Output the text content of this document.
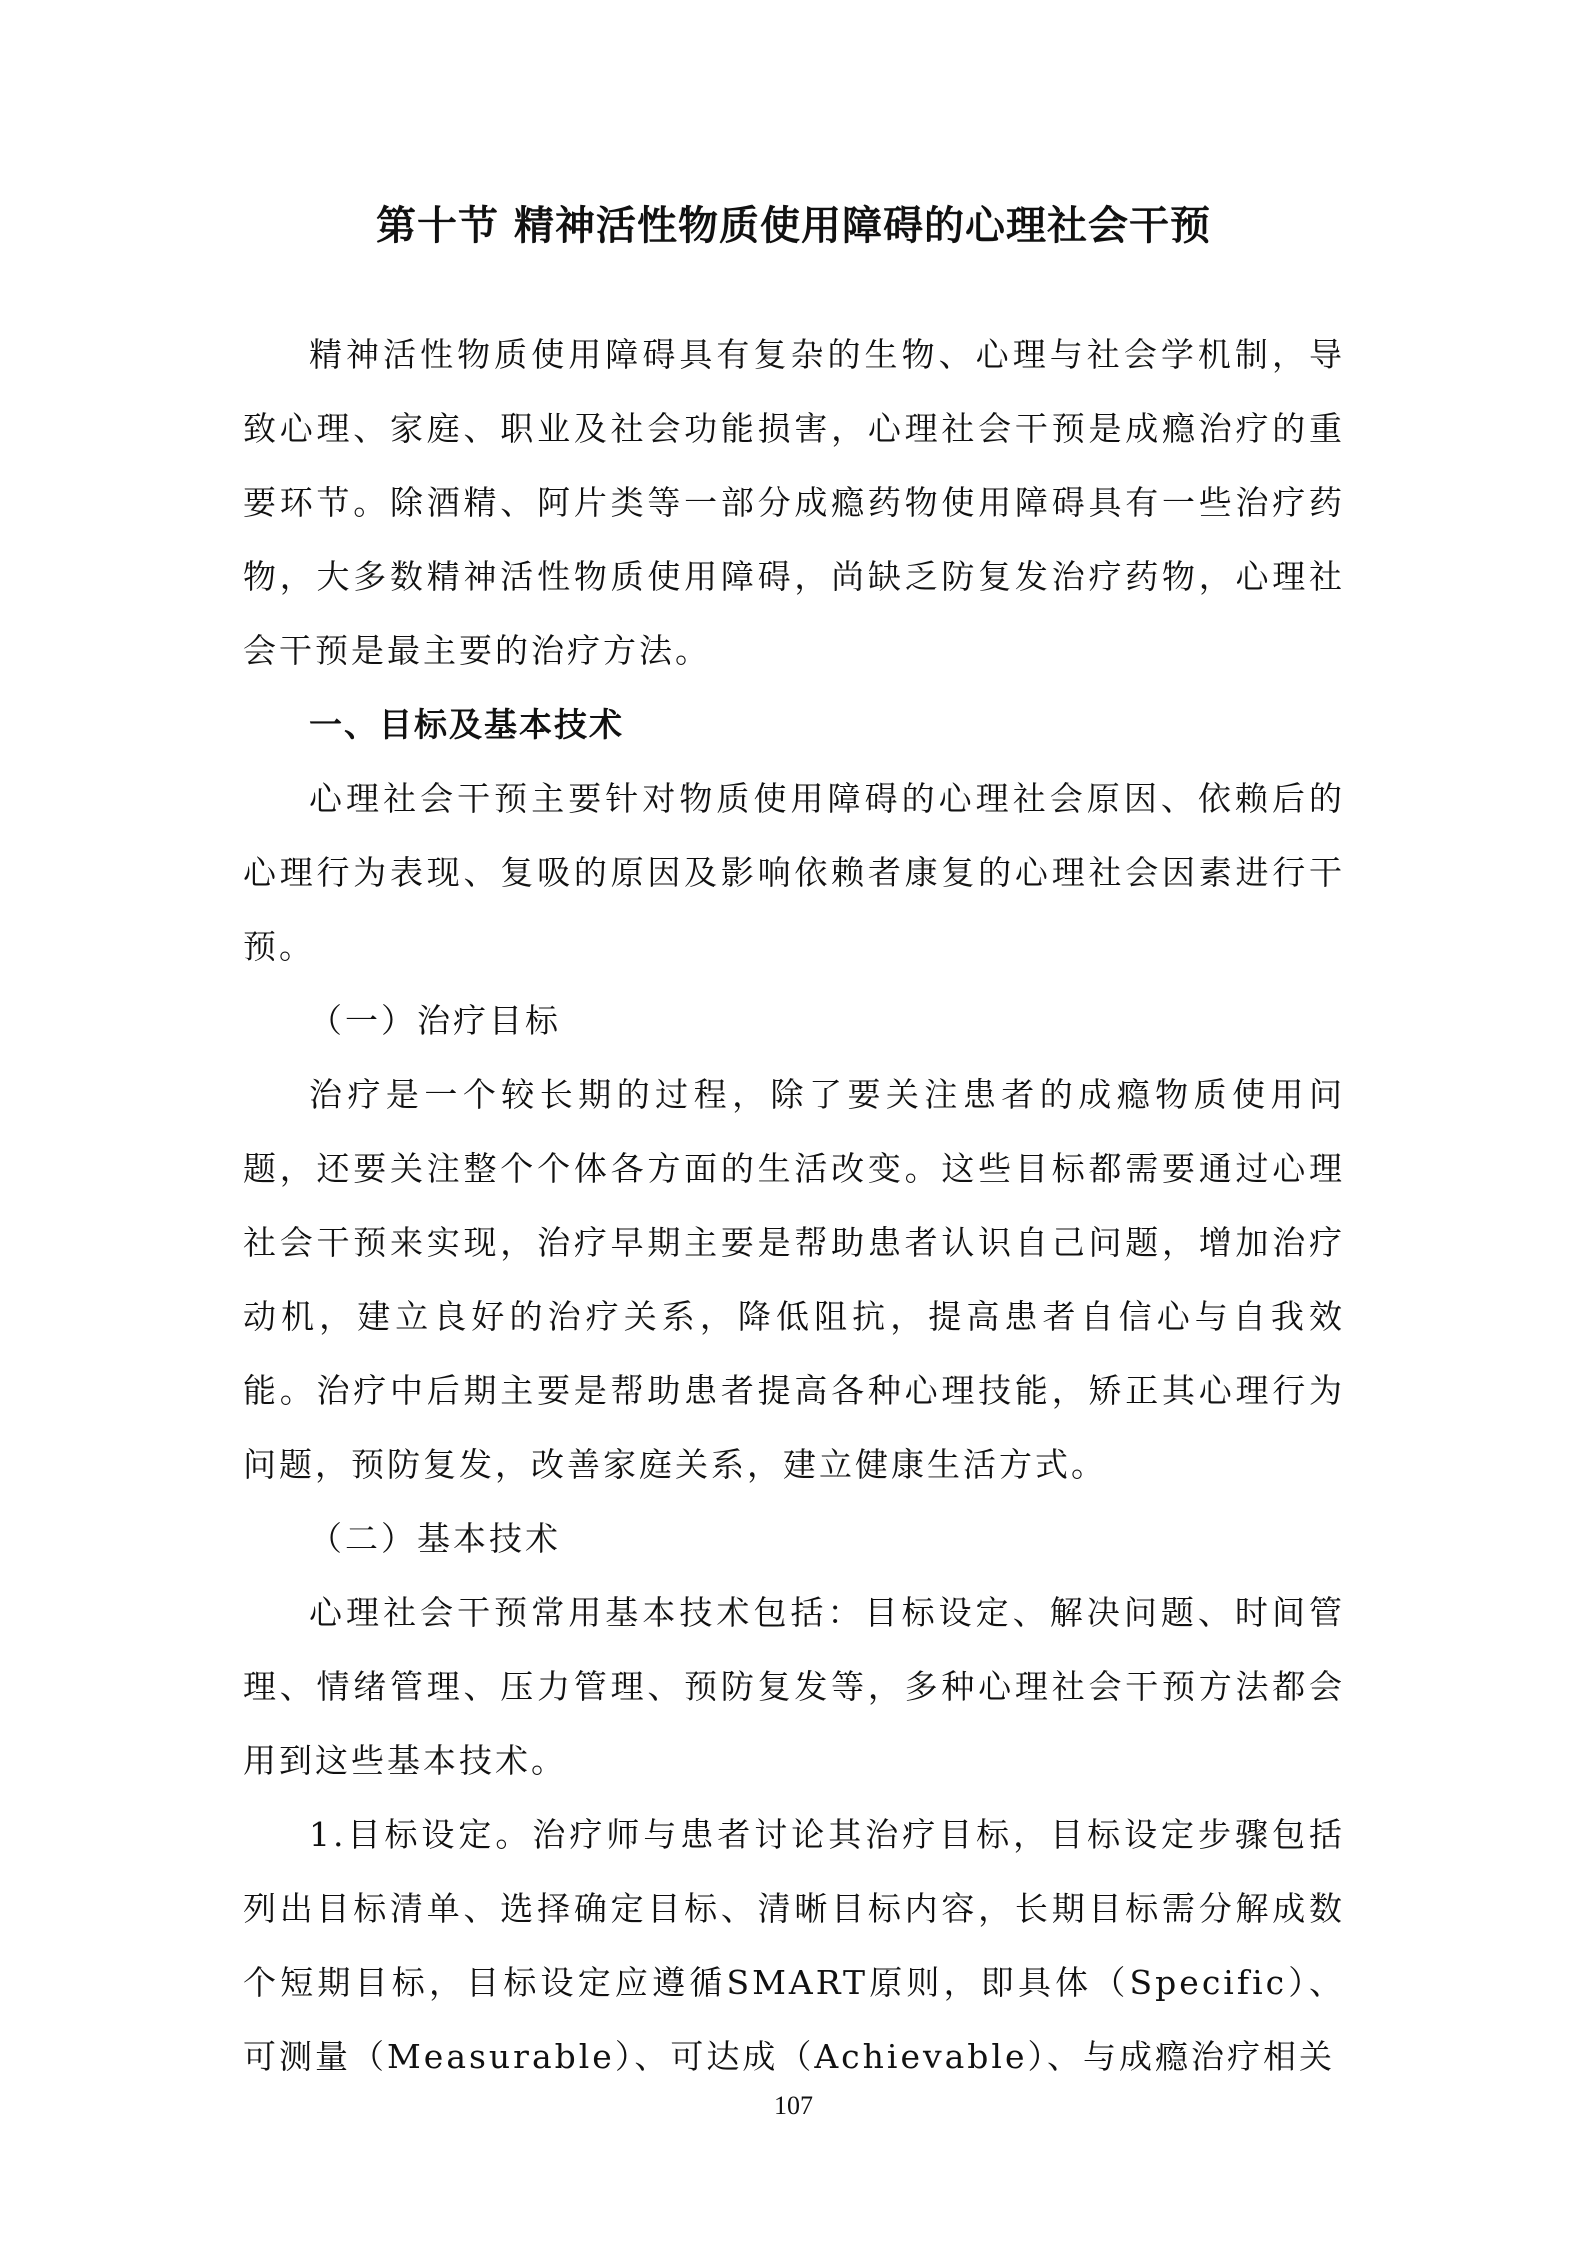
第十节 精神活性物质使用障碍的心理社会干预

精神活性物质使用障碍具有复杂的生物、心理与社会学机制，导致心理、家庭、职业及社会功能损害，心理社会干预是成瘾治疗的重要环节。除酒精、阿片类等一部分成瘾药物使用障碍具有一些治疗药物，大多数精神活性物质使用障碍，尚缺乏防复发治疗药物，心理社会干预是最主要的治疗方法。

一、目标及基本技术

心理社会干预主要针对物质使用障碍的心理社会原因、依赖后的心理行为表现、复吸的原因及影响依赖者康复的心理社会因素进行干预。

（一）治疗目标

治疗是一个较长期的过程，除了要关注患者的成瘾物质使用问题，还要关注整个个体各方面的生活改变。这些目标都需要通过心理社会干预来实现，治疗早期主要是帮助患者认识自己问题，增加治疗动机，建立良好的治疗关系，降低阻抗，提高患者自信心与自我效能。治疗中后期主要是帮助患者提高各种心理技能，矫正其心理行为问题，预防复发，改善家庭关系，建立健康生活方式。

（二）基本技术

心理社会干预常用基本技术包括：目标设定、解决问题、时间管理、情绪管理、压力管理、预防复发等，多种心理社会干预方法都会用到这些基本技术。

1.目标设定。治疗师与患者讨论其治疗目标，目标设定步骤包括列出目标清单、选择确定目标、清晰目标内容，长期目标需分解成数个短期目标，目标设定应遵循SMART原则，即具体（Specific）、可测量（Measurable）、可达成（Achievable）、与成瘾治疗相关

107
